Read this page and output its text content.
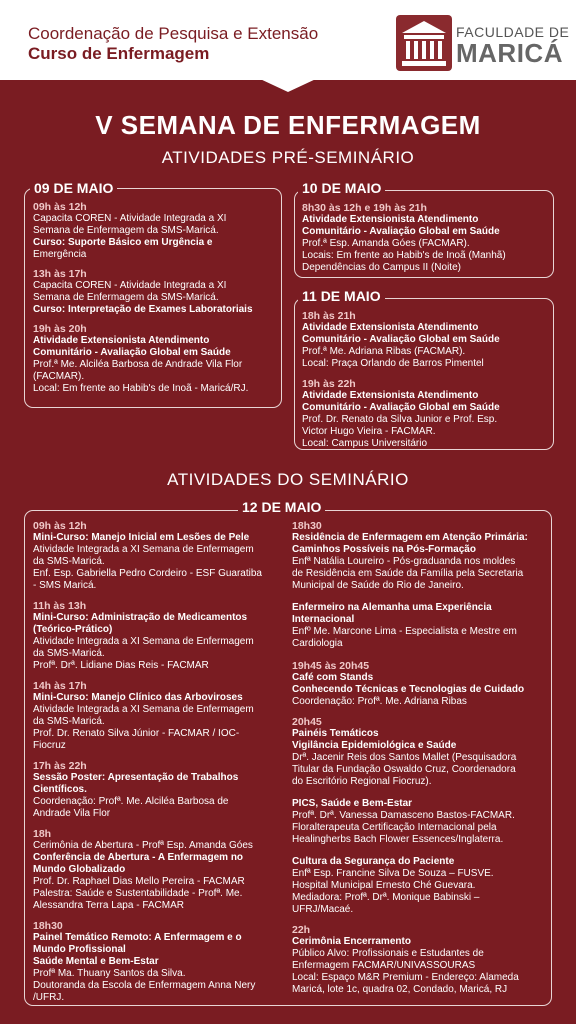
Coordenação de Pesquisa e Extensão
Curso de Enfermagem
FACULDADE DE
MARICÁ
V SEMANA DE ENFERMAGEM
ATIVIDADES PRÉ-SEMINÁRIO
09 DE MAIO
09h às 12h
Capacita COREN - Atividade Integrada a XI
Semana de Enfermagem da SMS-Maricá.
Curso: Suporte Básico em Urgência e
Emergência
13h às 17h
Capacita COREN - Atividade Integrada a XI
Semana de Enfermagem da SMS-Maricá.
Curso: Interpretação de Exames Laboratoriais
19h às 20h
Atividade Extensionista Atendimento
Comunitário - Avaliação Global em Saúde
Prof.ª Me. Alciléa Barbosa de Andrade Vila Flor
(FACMAR).
Local: Em frente ao Habib's de Inoã - Maricá/RJ.
10 DE MAIO
8h30 às 12h e 19h às 21h
Atividade Extensionista Atendimento
Comunitário - Avaliação Global em Saúde
Prof.ª Esp. Amanda Góes (FACMAR).
Locais: Em frente ao Habib's de Inoã (Manhã)
Dependências do Campus II (Noite)
11 DE MAIO
18h às 21h
Atividade Extensionista Atendimento
Comunitário - Avaliação Global em Saúde
Prof.ª Me. Adriana Ribas (FACMAR).
Local: Praça Orlando de Barros Pimentel
19h às 22h
Atividade Extensionista Atendimento
Comunitário - Avaliação Global em Saúde
Prof. Dr. Renato da Silva Junior e Prof. Esp.
Victor Hugo Vieira - FACMAR.
Local: Campus Universitário
ATIVIDADES DO SEMINÁRIO
12 DE MAIO
09h às 12h
Mini-Curso: Manejo Inicial em Lesões de Pele
Atividade Integrada a XI Semana de Enfermagem
da SMS-Maricá.
Enf. Esp. Gabriella Pedro Cordeiro - ESF Guaratiba
- SMS Maricá.
11h às 13h
Mini-Curso: Administração de Medicamentos
(Teórico-Prático)
Atividade Integrada a XI Semana de Enfermagem
da SMS-Maricá.
Profª. Drª. Lidiane Dias Reis - FACMAR
14h às 17h
Mini-Curso: Manejo Clínico das Arboviroses
Atividade Integrada a XI Semana de Enfermagem
da SMS-Maricá.
Prof. Dr. Renato Silva Júnior - FACMAR / IOC-
Fiocruz
17h às 22h
Sessão Poster: Apresentação de Trabalhos
Científicos.
Coordenação: Profª. Me. Alciléa Barbosa de
Andrade Vila Flor
18h
Cerimônia de Abertura - Profª Esp. Amanda Góes
Conferência de Abertura - A Enfermagem no
Mundo Globalizado
Prof. Dr. Raphael Dias Mello Pereira - FACMAR
Palestra: Saúde e Sustentabilidade - Profª. Me.
Alessandra Terra Lapa - FACMAR
18h30
Painel Temático Remoto: A Enfermagem e o
Mundo Profissional
Saúde Mental e Bem-Estar
Profª Ma. Thuany Santos da Silva.
Doutoranda da Escola de Enfermagem Anna Nery
/UFRJ.
18h30
Residência de Enfermagem em Atenção Primária:
Caminhos Possíveis na Pós-Formação
Enfª Natália Loureiro - Pós-graduanda nos moldes
de Residência em Saúde da Família pela Secretaria
Municipal de Saúde do Rio de Janeiro.
Enfermeiro na Alemanha uma Experiência
Internacional
Enfº Me. Marcone Lima - Especialista e Mestre em
Cardiologia
19h45 às 20h45
Café com Stands
Conhecendo Técnicas e Tecnologias de Cuidado
Coordenação: Profª. Me. Adriana Ribas
20h45
Painéis Temáticos
Vigilância Epidemiológica e Saúde
Drª. Jacenir Reis dos Santos Mallet (Pesquisadora
Titular da Fundação Oswaldo Cruz, Coordenadora
do Escritório Regional Fiocruz).
PICS, Saúde e Bem-Estar
Profª. Drª. Vanessa Damasceno Bastos-FACMAR.
Floralterapeuta Certificação Internacional pela
Healingherbs Bach Flower Essences/Inglaterra.
Cultura da Segurança do Paciente
Enfª Esp. Francine Silva De Souza – FUSVE.
Hospital Municipal Ernesto Ché Guevara.
Mediadora: Profª. Drª. Monique Babinski –
UFRJ/Macaé.
22h
Cerimônia Encerramento
Público Alvo: Profissionais e Estudantes de
Enfermagem FACMAR/UNIVASSOURAS
Local: Espaço M&R Premium - Endereço: Alameda
Maricá, lote 1c, quadra 02, Condado, Maricá, RJ
